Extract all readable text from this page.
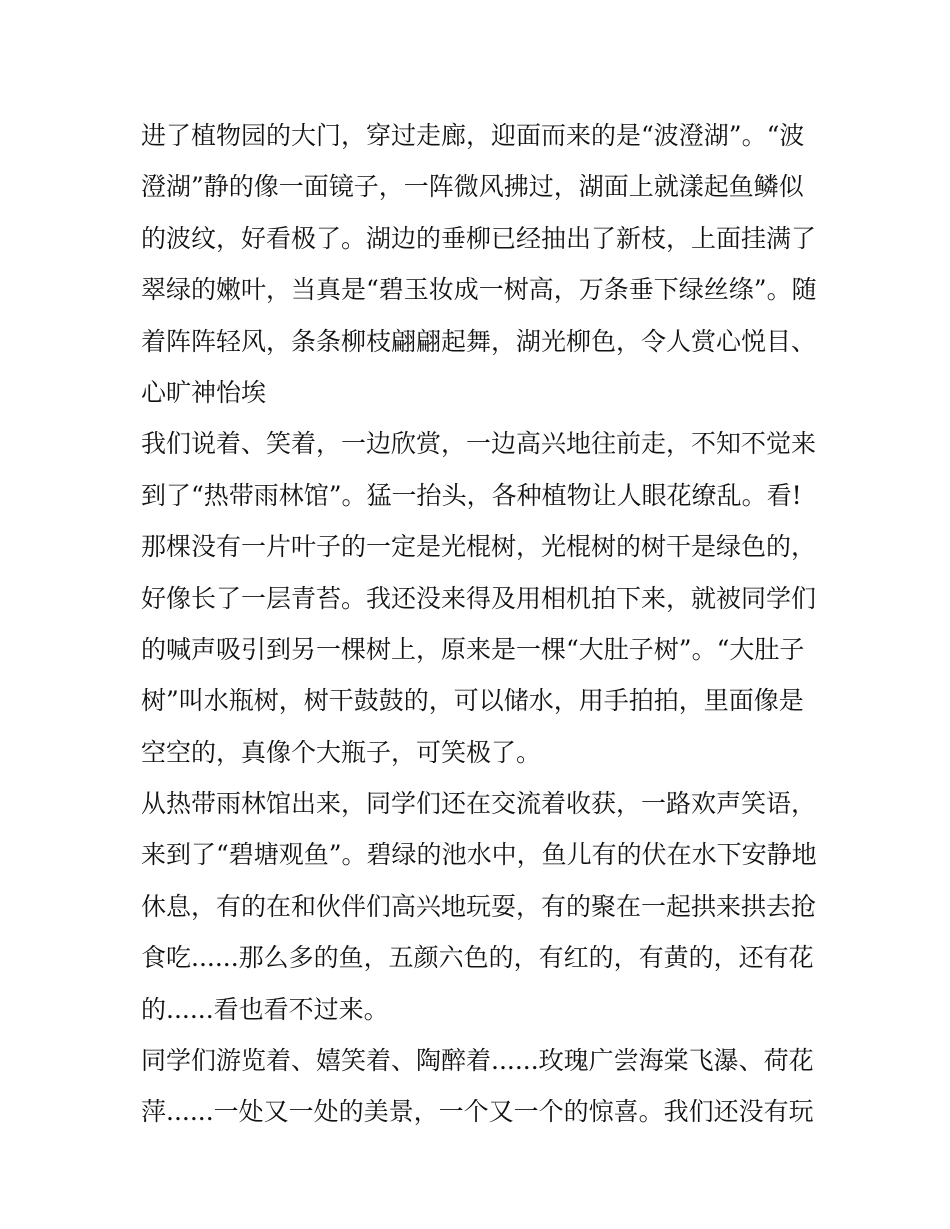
进了植物园的大门，穿过走廊，迎面而来的是“波澄湖”。“波
澄湖”静的像一面镜子，一阵微风拂过，湖面上就漾起鱼鳞似
的波纹，好看极了。湖边的垂柳已经抽出了新枝，上面挂满了
翠绿的嫩叶，当真是“碧玉妆成一树高，万条垂下绿丝绦”。随
着阵阵轻风，条条柳枝翩翩起舞，湖光柳色，令人赏心悦目、
心旷神怡埃
我们说着、笑着，一边欣赏，一边高兴地往前走，不知不觉来
到了“热带雨林馆”。猛一抬头，各种植物让人眼花缭乱。看!
那棵没有一片叶子的一定是光棍树，光棍树的树干是绿色的，
好像长了一层青苔。我还没来得及用相机拍下来，就被同学们
的喊声吸引到另一棵树上，原来是一棵“大肚子树”。“大肚子
树”叫水瓶树，树干鼓鼓的，可以储水，用手拍拍，里面像是
空空的，真像个大瓶子，可笑极了。
从热带雨林馆出来，同学们还在交流着收获，一路欢声笑语，
来到了“碧塘观鱼”。碧绿的池水中，鱼儿有的伏在水下安静地
休息，有的在和伙伴们高兴地玩耍，有的聚在一起拱来拱去抢
食吃......那么多的鱼，五颜六色的，有红的，有黄的，还有花
的......看也看不过来。
同学们游览着、嬉笑着、陶醉着......玫瑰广尝海棠飞瀑、荷花
萍......一处又一处的美景，一个又一个的惊喜。我们还没有玩
